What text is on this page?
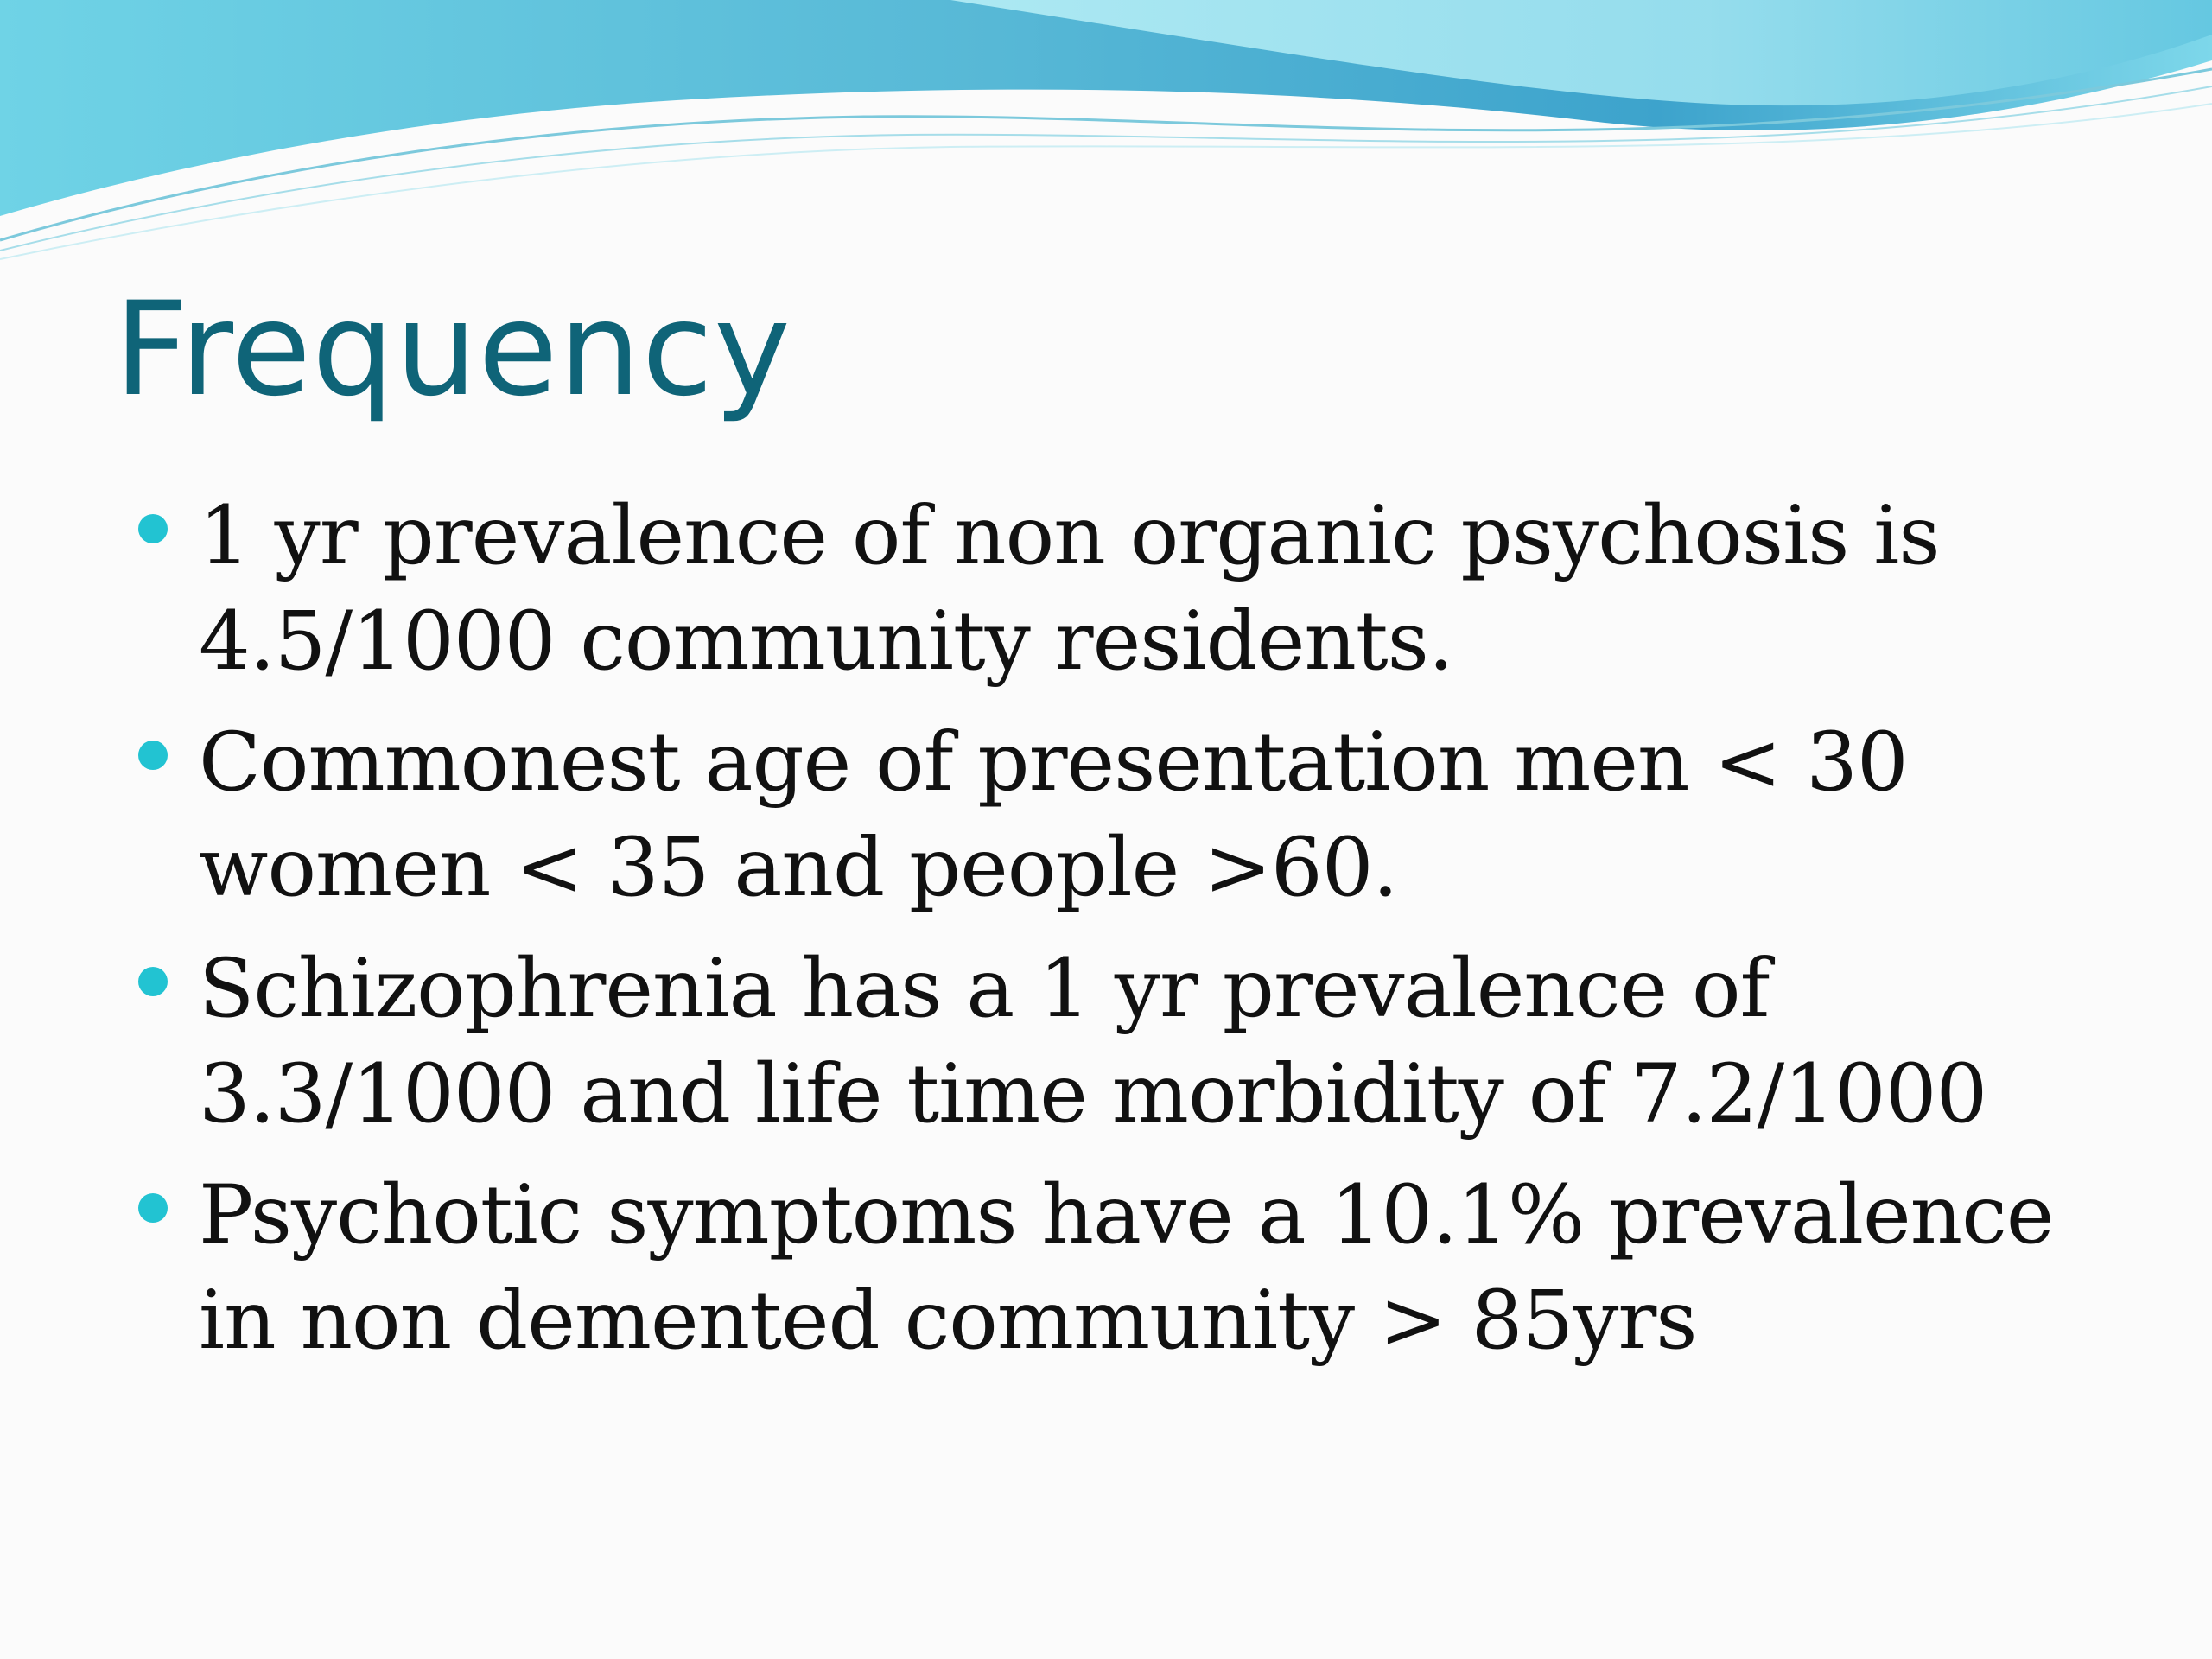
Frequency
1 yr prevalence of non organic psychosis is 4.5/1000 community residents.
Commonest age of presentation men < 30 women < 35 and people >60.
Schizophrenia has a 1 yr prevalence of 3.3/1000 and life time morbidity of 7.2/1000
Psychotic symptoms have a 10.1% prevalence in non demented community > 85yrs
